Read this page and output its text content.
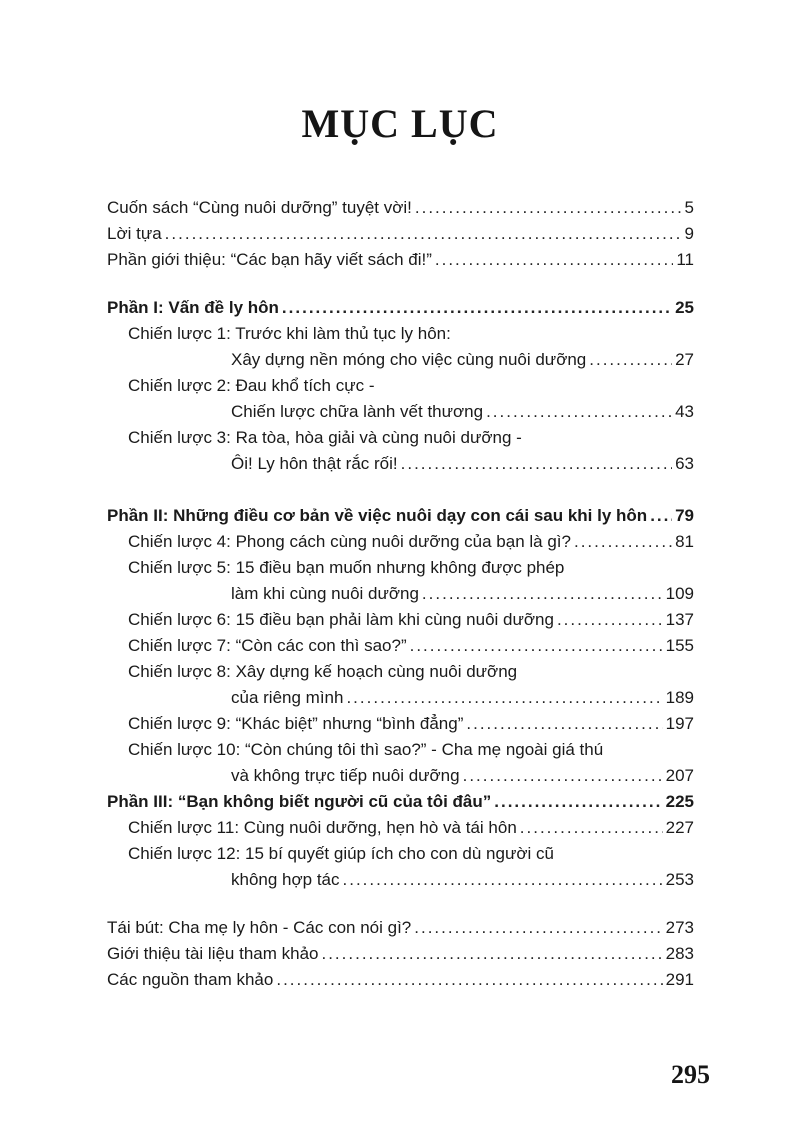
MỤC LỤC
Cuốn sách “Cùng nuôi dưỡng” tuyệt vời! .....	5
Lời tựa .....	9
Phần giới thiệu: “Các bạn hãy viết sách đi!” .....	11
Phần I: Vấn đề ly hôn .....	25
Chiến lược 1: Trước khi làm thủ tục ly hôn:
Xây dựng nền móng cho việc cùng nuôi dưỡng .....	27
Chiến lược 2: Đau khổ tích cực -
Chiến lược chữa lành vết thương .....	43
Chiến lược 3: Ra tòa, hòa giải và cùng nuôi dưỡng -
Ôi! Ly hôn thật rắc rối! .....	63
Phần II: Những điều cơ bản về việc nuôi dạy con cái sau khi ly hôn ..... 79
Chiến lược 4: Phong cách cùng nuôi dưỡng của bạn là gì? .....	81
Chiến lược 5: 15 điều bạn muốn nhưng không được phép
làm khi cùng nuôi dưỡng .....	109
Chiến lược 6: 15 điều bạn phải làm khi cùng nuôi dưỡng .....	137
Chiến lược 7: “Còn các con thì sao?” .....	155
Chiến lược 8: Xây dựng kế hoạch cùng nuôi dưỡng
của riêng mình .....	189
Chiến lược 9: “Khác biệt” nhưng “bình đẳng” .....	197
Chiến lược 10: “Còn chúng tôi thì sao?” - Cha mẹ ngoài giá thú
và không trực tiếp nuôi dưỡng .....	207
Phần III: “Bạn không biết người cũ của tôi đâu” .....	225
Chiến lược 11: Cùng nuôi dưỡng, hẹn hò và tái hôn .....	227
Chiến lược 12: 15 bí quyết giúp ích cho con dù người cũ
không hợp tác .....	253
Tái bút: Cha mẹ ly hôn - Các con nói gì? .....	273
Giới thiệu tài liệu tham khảo .....	283
Các nguồn tham khảo .....	291
295
